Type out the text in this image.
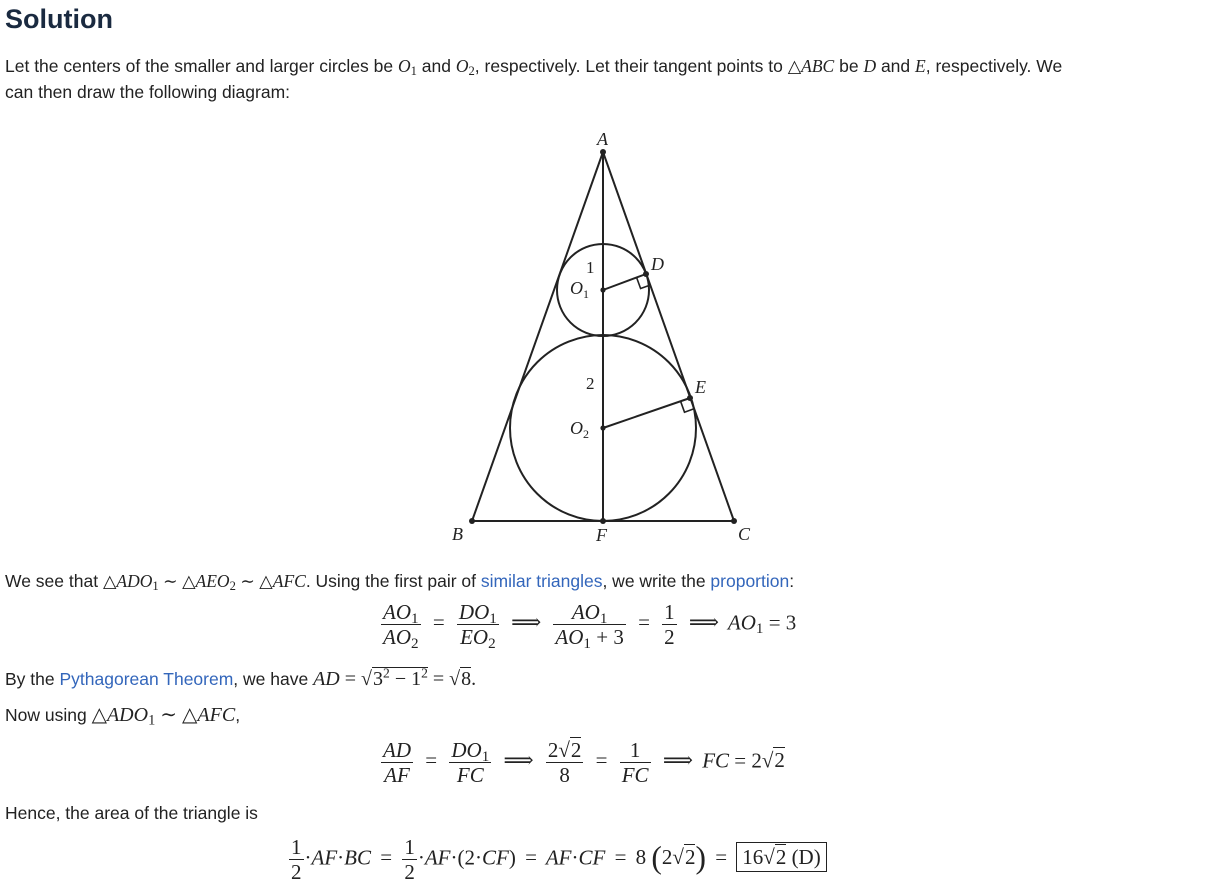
Solution
Let the centers of the smaller and larger circles be $O_1$ and $O_2$, respectively. Let their tangent points to △ABC be D and E, respectively. We
can then draw the following diagram:
A
B	C
F
D
E
$O_1$
$O_2$
1
2
We see that $\triangle ADO_1$ ∼ $\triangle AEO_2$ ∼ △AFC. Using the first pair of similar triangles, we write the proportion:
$\frac{AO_1}{AO_2} = \frac{DO_1}{EO_2}$ ⟹ $\frac{AO_1}{AO_1 + 3} = \frac{1}{2}$ ⟹ $AO_1 = 3$
By the Pythagorean Theorem, we have AD = $√3^2 - 1^2 = √8$.
Now using $\triangle ADO_1$ ∼ △AFC,
$\frac{AD}{AF} = \frac{DO_1}{FC}$ ⟹ $\frac{2√2}{8} = \frac{1}{FC}$ ⟹ FC = 2√2
Hence, the area of the triangle is
$\frac{1}{2} \cdot AF\cdot BC = \frac{1}{2} \cdot AF\cdot(2\cdot CF) = AF\cdot CF = 8$ (2√2) = 16√2 (D)
